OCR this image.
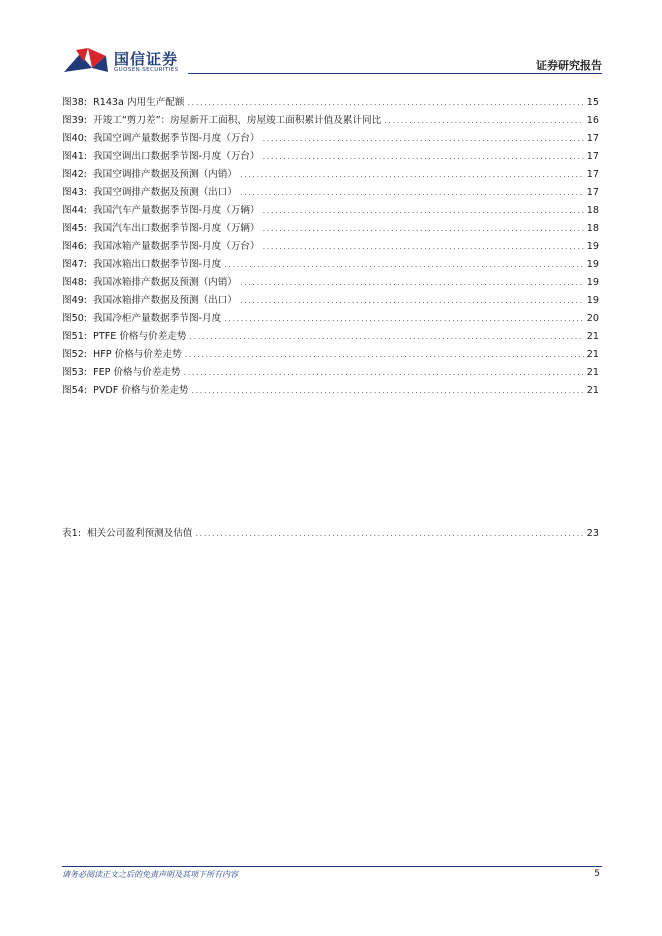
国信证券
GUOSEN SECURITIES	证券研究报告
图38: R143a 内用生产配额 .....	15
图39: 开竣工“剪刀差”：房屋新开工面积、房屋竣工面积累计值及累计同比 .....	16
图40: 我国空调产量数据季节图-月度（万台） .....	17
图41: 我国空调出口数据季节图-月度（万台） .....	17
图42: 我国空调排产数据及预测（内销） .....	17
图43: 我国空调排产数据及预测（出口） .....	17
图44: 我国汽车产量数据季节图-月度（万辆） .....	18
图45: 我国汽车出口数据季节图-月度（万辆） .....	18
图46: 我国冰箱产量数据季节图-月度（万台） .....	19
图47: 我国冰箱出口数据季节图-月度 .....	19
图48: 我国冰箱排产数据及预测（内销） .....	19
图49: 我国冰箱排产数据及预测（出口） .....	19
图50: 我国冷柜产量数据季节图-月度 .....	20
图51: PTFE 价格与价差走势 .....	21
图52: HFP 价格与价差走势 .....	21
图53: FEP 价格与价差走势 .....	21
图54: PVDF 价格与价差走势 .....	21
表1: 相关公司盈利预测及估值 .....	23
请务必阅读正文之后的免责声明及其项下所有内容	5
